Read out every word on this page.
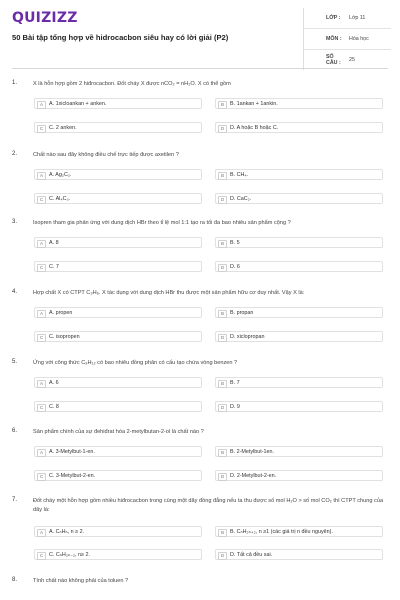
QUIZIZZ
50 Bài tập tổng hợp về hidrocacbon siêu hay có lời giải (P2)
LỚP :	Lớp 11
MÔN :	Hóa học
SỐ CÂU :	25
1.	X là hỗn hợp gồm 2 hiđrocacbon. Đốt cháy X được nCO₂ = nH₂O. X có thể gồm
A	A. 1xicloankan + anken.	B	B. 1ankan + 1ankin.
C	C. 2 anken.	D	D. A hoặc B hoặc C.
2.	Chất nào sau đây không điều chế trực tiếp được axetilen ?
A	A. Ag₂C₂.	B	B. CH₄.
C	C. Al₄C₃.	D	D. CaC₂.
3.	Isopren tham gia phản ứng với dung dịch HBr theo tỉ lệ mol 1:1 tạo ra tối đa bao nhiêu sản phẩm cộng ?
A	A. 8	B	B. 5
C	C. 7	D	D. 6
4.	Hợp chất X có CTPT C₃H₆. X tác dụng với dung dịch HBr thu được một sản phẩm hữu cơ duy nhất. Vậy X là:
A	A. propen	B	B. propan
C	C. isopropen	D	D. xiclopropan
5.	Ứng với công thức C₉H₁₂ có bao nhiêu đồng phân có cấu tạo chứa vòng benzen ?
A	A. 6	B	B. 7
C	C. 8	D	D. 9
6.	Sản phẩm chính của sự đehiđrat hóa 2-metylbutan-2-ol là chất nào ?
A	A. 3-Metylbut-1-en.	B	B. 2-Metylbut-1en.
C	C. 3-Metylbut-2-en.	D	D. 2-Metylbut-2-en.
7.	Đốt cháy một hỗn hợp gồm nhiều hiđrocacbon trong cùng một dãy đồng đẳng nếu ta thu được số mol H₂O > số mol CO₂ thì CTPT chung của dãy là:
A	A. CₙHₙ, n ≥ 2.	B	B. CₙH₂ₙ₊₂, n ≥1 (các giá trị n đều nguyên).
C	C. CₙH₂ₙ₋₂, n≥ 2.	D	D. Tất cả đều sai.
8.	Tính chất nào không phải của toluen ?
